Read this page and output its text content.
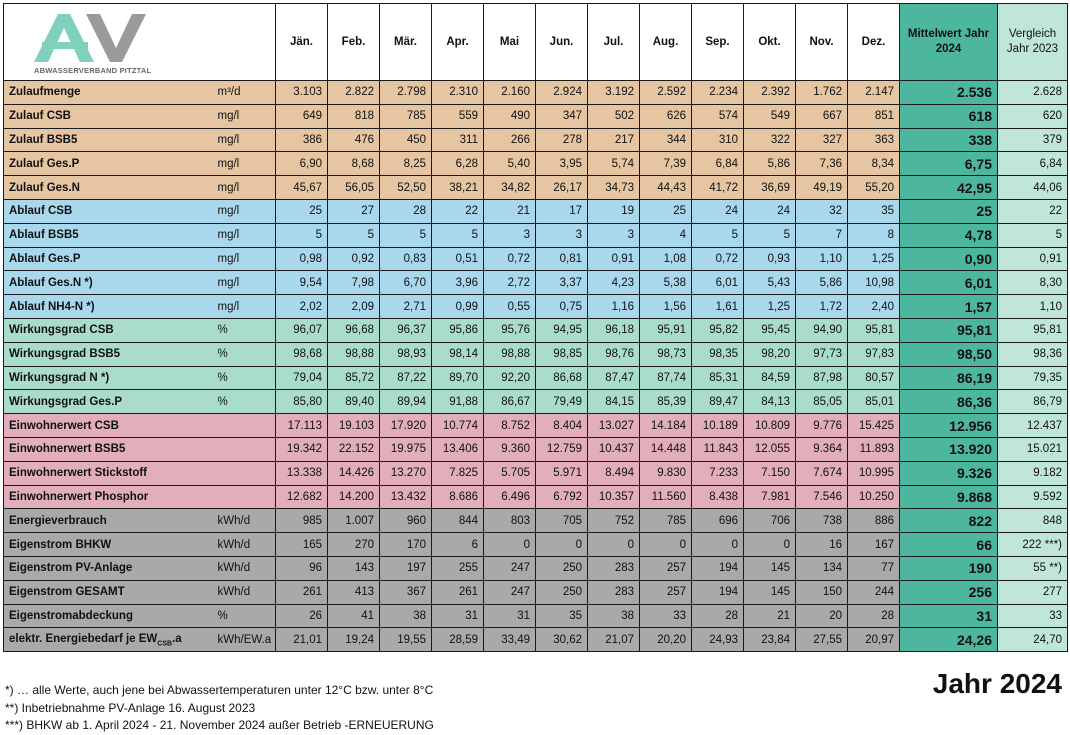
ABWASSERVERBAND PITZTAL		Jän.	Feb.	Mär.	Apr.	Mai	Jun.	Jul.	Aug.	Sep.	Okt.	Nov.	Dez.	Mittelwert Jahr 2024	Vergleich Jahr 2023
Zulaufmenge	m³/d	3.103	2.822	2.798	2.310	2.160	2.924	3.192	2.592	2.234	2.392	1.762	2.147	2.536	2.628
Zulauf CSB	mg/l	649	818	785	559	490	347	502	626	574	549	667	851	618	620
Zulauf BSB5	mg/l	386	476	450	311	266	278	217	344	310	322	327	363	338	379
Zulauf Ges.P	mg/l	6,90	8,68	8,25	6,28	5,40	3,95	5,74	7,39	6,84	5,86	7,36	8,34	6,75	6,84
Zulauf Ges.N	mg/l	45,67	56,05	52,50	38,21	34,82	26,17	34,73	44,43	41,72	36,69	49,19	55,20	42,95	44,06
Ablauf CSB	mg/l	25	27	28	22	21	17	19	25	24	24	32	35	25	22
Ablauf BSB5	mg/l	5	5	5	5	3	3	3	4	5	5	7	8	4,78	5
Ablauf Ges.P	mg/l	0,98	0,92	0,83	0,51	0,72	0,81	0,91	1,08	0,72	0,93	1,10	1,25	0,90	0,91
Ablauf Ges.N *)	mg/l	9,54	7,98	6,70	3,96	2,72	3,37	4,23	5,38	6,01	5,43	5,86	10,98	6,01	8,30
Ablauf NH4-N *)	mg/l	2,02	2,09	2,71	0,99	0,55	0,75	1,16	1,56	1,61	1,25	1,72	2,40	1,57	1,10
Wirkungsgrad CSB	%	96,07	96,68	96,37	95,86	95,76	94,95	96,18	95,91	95,82	95,45	94,90	95,81	95,81	95,81
Wirkungsgrad BSB5	%	98,68	98,88	98,93	98,14	98,88	98,85	98,76	98,73	98,35	98,20	97,73	97,83	98,50	98,36
Wirkungsgrad N *)	%	79,04	85,72	87,22	89,70	92,20	86,68	87,47	87,74	85,31	84,59	87,98	80,57	86,19	79,35
Wirkungsgrad Ges.P	%	85,80	89,40	89,94	91,88	86,67	79,49	84,15	85,39	89,47	84,13	85,05	85,01	86,36	86,79
Einwohnerwert CSB		17.113	19.103	17.920	10.774	8.752	8.404	13.027	14.184	10.189	10.809	9.776	15.425	12.956	12.437
Einwohnerwert BSB5		19.342	22.152	19.975	13.406	9.360	12.759	10.437	14.448	11.843	12.055	9.364	11.893	13.920	15.021
Einwohnerwert Stickstoff		13.338	14.426	13.270	7.825	5.705	5.971	8.494	9.830	7.233	7.150	7.674	10.995	9.326	9.182
Einwohnerwert Phosphor		12.682	14.200	13.432	8.686	6.496	6.792	10.357	11.560	8.438	7.981	7.546	10.250	9.868	9.592
Energieverbrauch	kWh/d	985	1.007	960	844	803	705	752	785	696	706	738	886	822	848
Eigenstrom BHKW	kWh/d	165	270	170	6	0	0	0	0	0	0	16	167	66	222 ***)
Eigenstrom PV-Anlage	kWh/d	96	143	197	255	247	250	283	257	194	145	134	77	190	55 **)
Eigenstrom GESAMT	kWh/d	261	413	367	261	247	250	283	257	194	145	150	244	256	277
Eigenstromabdeckung	%	26	41	38	31	31	35	38	33	28	21	20	28	31	33
elektr. Energiebedarf je $EW_{CSB}.a$	kWh/EW.a	21,01	19,24	19,55	28,59	33,49	30,62	21,07	20,20	24,93	23,84	27,55	20,97	24,26	24,70
*) … alle Werte, auch jene bei Abwassertemperaturen unter 12°C bzw. unter 8°C
**) Inbetriebnahme PV-Anlage 16. August 2023
***) BHKW ab 1. April 2024 - 21. November 2024 außer Betrieb -ERNEUERUNG
Jahr 2024
